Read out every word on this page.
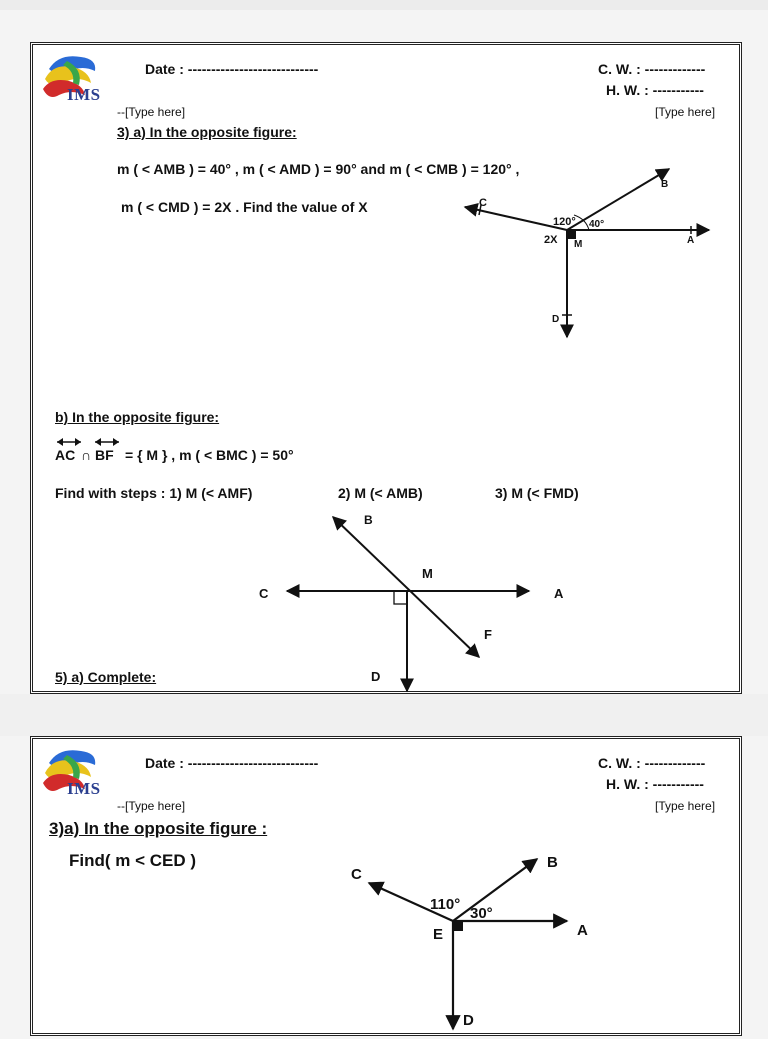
IMS
Date : ----------------------------	C. W. : -------------
H. W. : -----------
--[Type here]	[Type here]
3) a) In the opposite figure:
m ( < AMB ) = 40° , m ( < AMD ) = 90° and m ( < CMB ) = 120° ,
m ( < CMD ) = 2X . Find the value of X	C
B
A
M
D
120° 40°
2X
b) In the opposite figure:
AC ∩ BF = { M } , m ( < BMC ) = 50°
Find with steps : 1) M (< AMF)	2) M (< AMB)	3) M (< FMD)
B
M
C	A
F
D
5) a) Complete:
IMS
Date : ----------------------------	C. W. : -------------
H. W. : -----------
--[Type here]	[Type here]
3)a) In the opposite figure :
Find( m < CED )
C
B
A
E
D
110°
30°
